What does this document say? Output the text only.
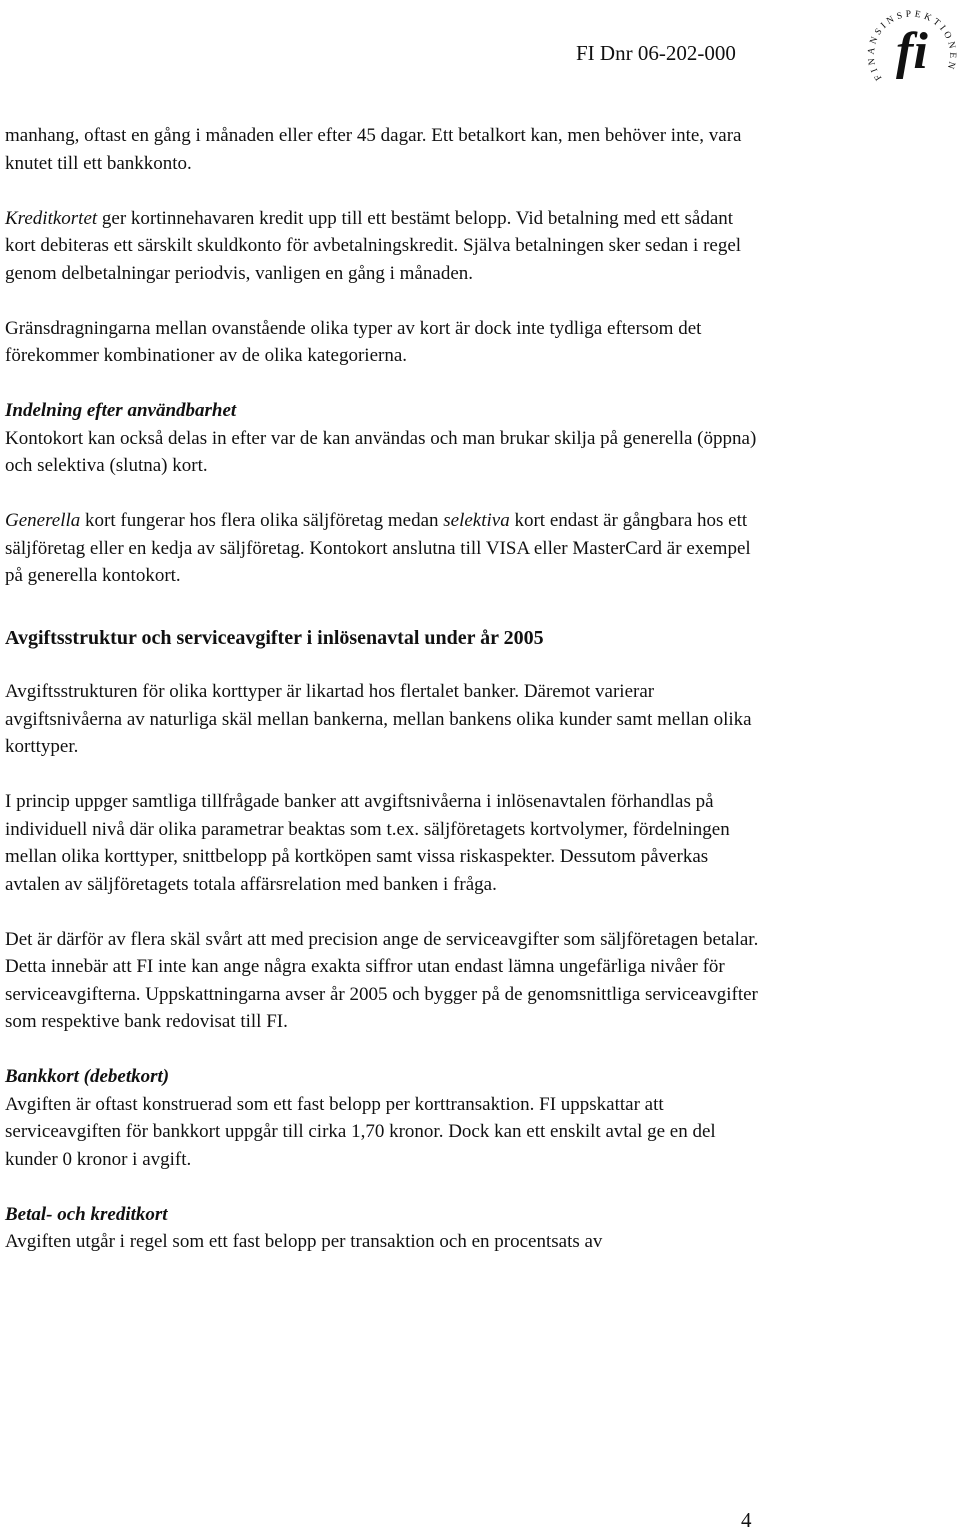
FI Dnr 06-202-000
FINANSINSPEKTIONEN
fi

manhang, oftast en gång i månaden eller efter 45 dagar. Ett betalkort kan, men behöver inte, vara knutet till ett bankkonto.

Kreditkortet ger kortinnehavaren kredit upp till ett bestämt belopp. Vid betalning med ett sådant kort debiteras ett särskilt skuldkonto för avbetalningskredit. Själva betalningen sker sedan i regel genom delbetalningar periodvis, vanligen en gång i månaden.

Gränsdragningarna mellan ovanstående olika typer av kort är dock inte tydliga eftersom det förekommer kombinationer av de olika kategorierna.

Indelning efter användbarhet

Kontokort kan också delas in efter var de kan användas och man brukar skilja på generella (öppna) och selektiva (slutna) kort.

Generella kort fungerar hos flera olika säljföretag medan selektiva kort endast är gångbara hos ett säljföretag eller en kedja av säljföretag. Kontokort anslutna till VISA eller MasterCard är exempel på generella kontokort.

Avgiftsstruktur och serviceavgifter i inlösenavtal under år 2005

Avgiftsstrukturen för olika korttyper är likartad hos flertalet banker. Däremot varierar avgiftsnivåerna av naturliga skäl mellan bankerna, mellan bankens olika kunder samt mellan olika korttyper.

I princip uppger samtliga tillfrågade banker att avgiftsnivåerna i inlösenavtalen förhandlas på individuell nivå där olika parametrar beaktas som t.ex. säljföretagets kortvolymer, fördelningen mellan olika korttyper, snittbelopp på kortköpen samt vissa riskaspekter. Dessutom påverkas avtalen av säljföretagets totala affärsrelation med banken i fråga.

Det är därför av flera skäl svårt att med precision ange de serviceavgifter som säljföretagen betalar. Detta innebär att FI inte kan ange några exakta siffror utan endast lämna ungefärliga nivåer för serviceavgifterna. Uppskattningarna avser år 2005 och bygger på de genomsnittliga serviceavgifter som respektive bank redovisat till FI.

Bankkort (debetkort)

Avgiften är oftast konstruerad som ett fast belopp per korttransaktion. FI uppskattar att serviceavgiften för bankkort uppgår till cirka 1,70 kronor. Dock kan ett enskilt avtal ge en del kunder 0 kronor i avgift.

Betal- och kreditkort

Avgiften utgår i regel som ett fast belopp per transaktion och en procentsats av

4
